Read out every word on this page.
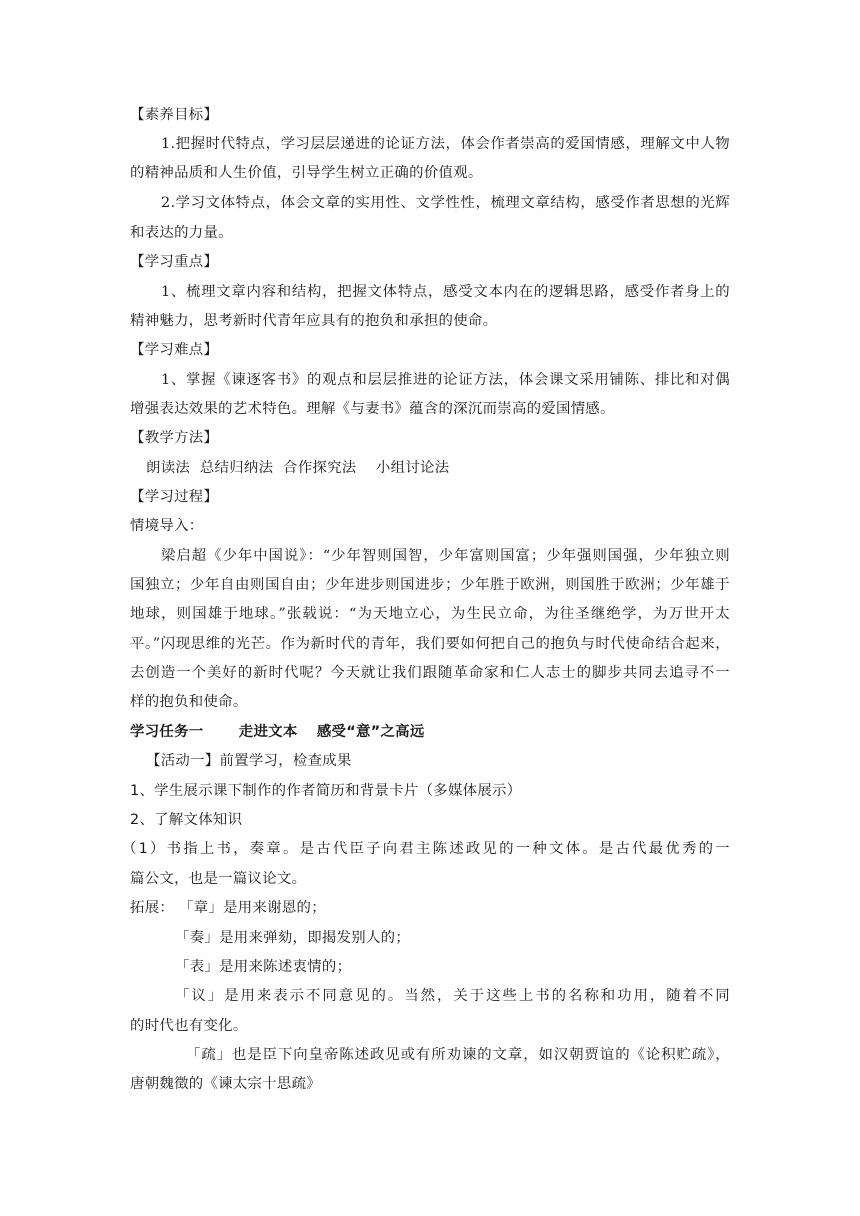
【素养目标】
1.把握时代特点，学习层层递进的论证方法，体会作者崇高的爱国情感，理解文中人物
的精神品质和人生价值，引导学生树立正确的价值观。
2.学习文体特点，体会文章的实用性、文学性性，梳理文章结构，感受作者思想的光辉
和表达的力量。
【学习重点】
1、梳理文章内容和结构，把握文体特点，感受文本内在的逻辑思路，感受作者身上的
精神魅力，思考新时代青年应具有的抱负和承担的使命。
【学习难点】
1、掌握《谏逐客书》的观点和层层推进的论证方法，体会课文采用铺陈、排比和对偶
增强表达效果的艺术特色。理解《与妻书》蕴含的深沉而崇高的爱国情感。
【教学方法】
朗读法  总结归纳法  合作探究法    小组讨论法
【学习过程】
情境导入：
梁启超《少年中国说》：“少年智则国智，少年富则国富；少年强则国强，少年独立则
国独立；少年自由则国自由；少年进步则国进步；少年胜于欧洲，则国胜于欧洲；少年雄于
地球，则国雄于地球。”张载说：“为天地立心，为生民立命，为往圣继绝学，为万世开太
平。”闪现思维的光芒。作为新时代的青年，我们要如何把自己的抱负与时代使命结合起来，
去创造一个美好的新时代呢？今天就让我们跟随革命家和仁人志士的脚步共同去追寻不一
样的抱负和使命。
学习任务一 走进文本 感受“意”之高远
【活动一】前置学习，检查成果
1、学生展示课下制作的作者简历和背景卡片（多媒体展示）
2、了解文体知识
（1）书指上书，奏章。是古代臣子向君主陈述政见的一种文体。是古代最优秀的一
篇公文，也是一篇议论文。
拓展： 「章」是用来谢恩的；
「奏」是用来弹劾，即揭发别人的；
「表」是用来陈述衷情的；
「议」是用来表示不同意见的。当然，关于这些上书的名称和功用，随着不同
的时代也有变化。
「疏」也是臣下向皇帝陈述政见或有所劝谏的文章，如汉朝贾谊的《论积贮疏》，
唐朝魏徵的《谏太宗十思疏》
